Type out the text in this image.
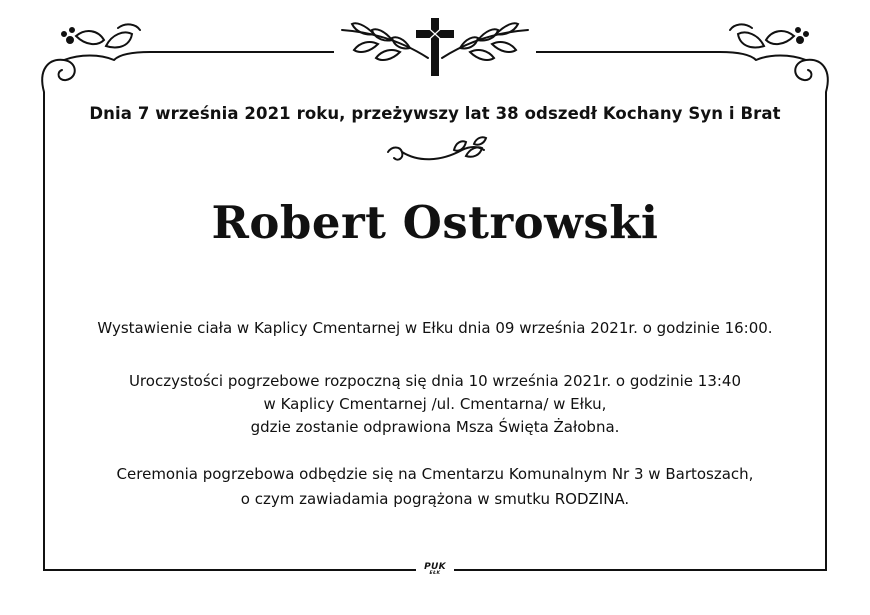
Dnia 7 września 2021 roku, przeżywszy lat 38 odszedł Kochany Syn i Brat
Robert Ostrowski
Wystawienie ciała w Kaplicy Cmentarnej w Ełku dnia 09 września 2021r. o godzinie 16:00.
Uroczystości pogrzebowe rozpoczną się dnia 10 września 2021r. o godzinie 13:40
w Kaplicy Cmentarnej /ul. Cmentarna/ w Ełku,
gdzie zostanie odprawiona Msza Święta Żałobna.
Ceremonia pogrzebowa odbędzie się na Cmentarzu Komunalnym Nr 3 w Bartoszach,
o czym zawiadamia pogrążona w smutku RODZINA.
PUK
EŁK
